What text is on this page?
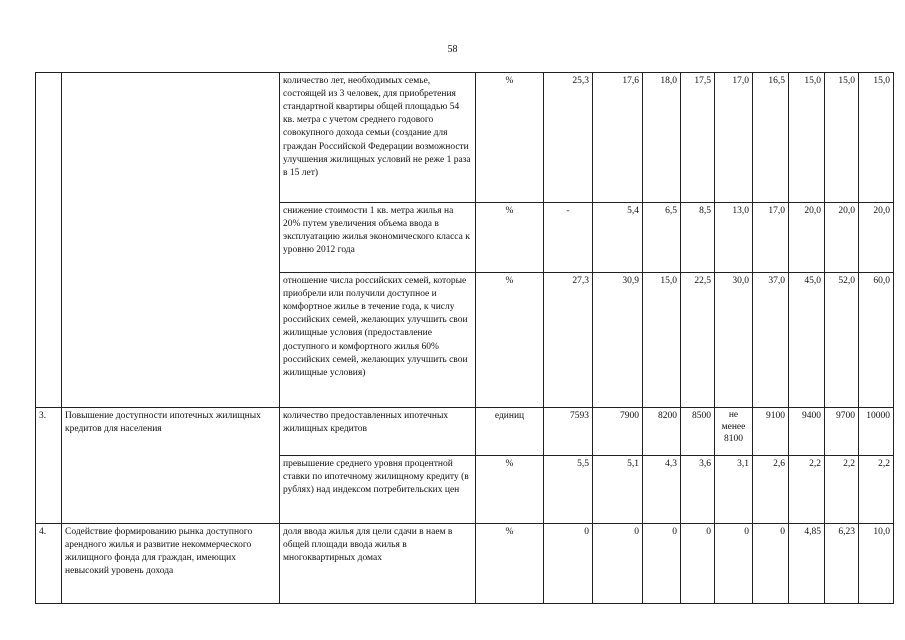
58
		количество лет, необходимых семье, состоящей из 3 человек, для приобретения стандартной квартиры общей площадью 54 кв. метра с учетом среднего годового совокупного дохода семьи (создание для граждан Российской Федерации возможности улучшения жилищных условий не реже 1 раза в 15 лет)	%	25,3	17,6	18,0	17,5	17,0	16,5	15,0	15,0	15,0
		снижение стоимости 1 кв. метра жилья на 20% путем увеличения объема ввода в эксплуатацию жилья экономического класса к уровню 2012 года	%	-	5,4	6,5	8,5	13,0	17,0	20,0	20,0	20,0
		отношение числа российских семей, которые приобрели или получили доступное и комфортное жилье в течение года, к числу российских семей, желающих улучшить свои жилищные условия (предоставление доступного и комфортного жилья 60% российских семей, желающих улучшить свои жилищные условия)	%	27,3	30,9	15,0	22,5	30,0	37,0	45,0	52,0	60,0
3.	Повышение доступности ипотечных жилищных кредитов для населения	количество предоставленных ипотечных жилищных кредитов	единиц	7593	7900	8200	8500	не менее 8100	9100	9400	9700	10000
		превышение среднего уровня процентной ставки по ипотечному жилищному кредиту (в рублях) над индексом потребительских цен	%	5,5	5,1	4,3	3,6	3,1	2,6	2,2	2,2	2,2
4.	Содействие формированию рынка доступного арендного жилья и развитие некоммерческого жилищного фонда для граждан, имеющих невысокий уровень дохода	доля ввода жилья для цели сдачи в наем в общей площади ввода жилья в многоквартирных домах	%	0	0	0	0	0	0	4,85	6,23	10,0
